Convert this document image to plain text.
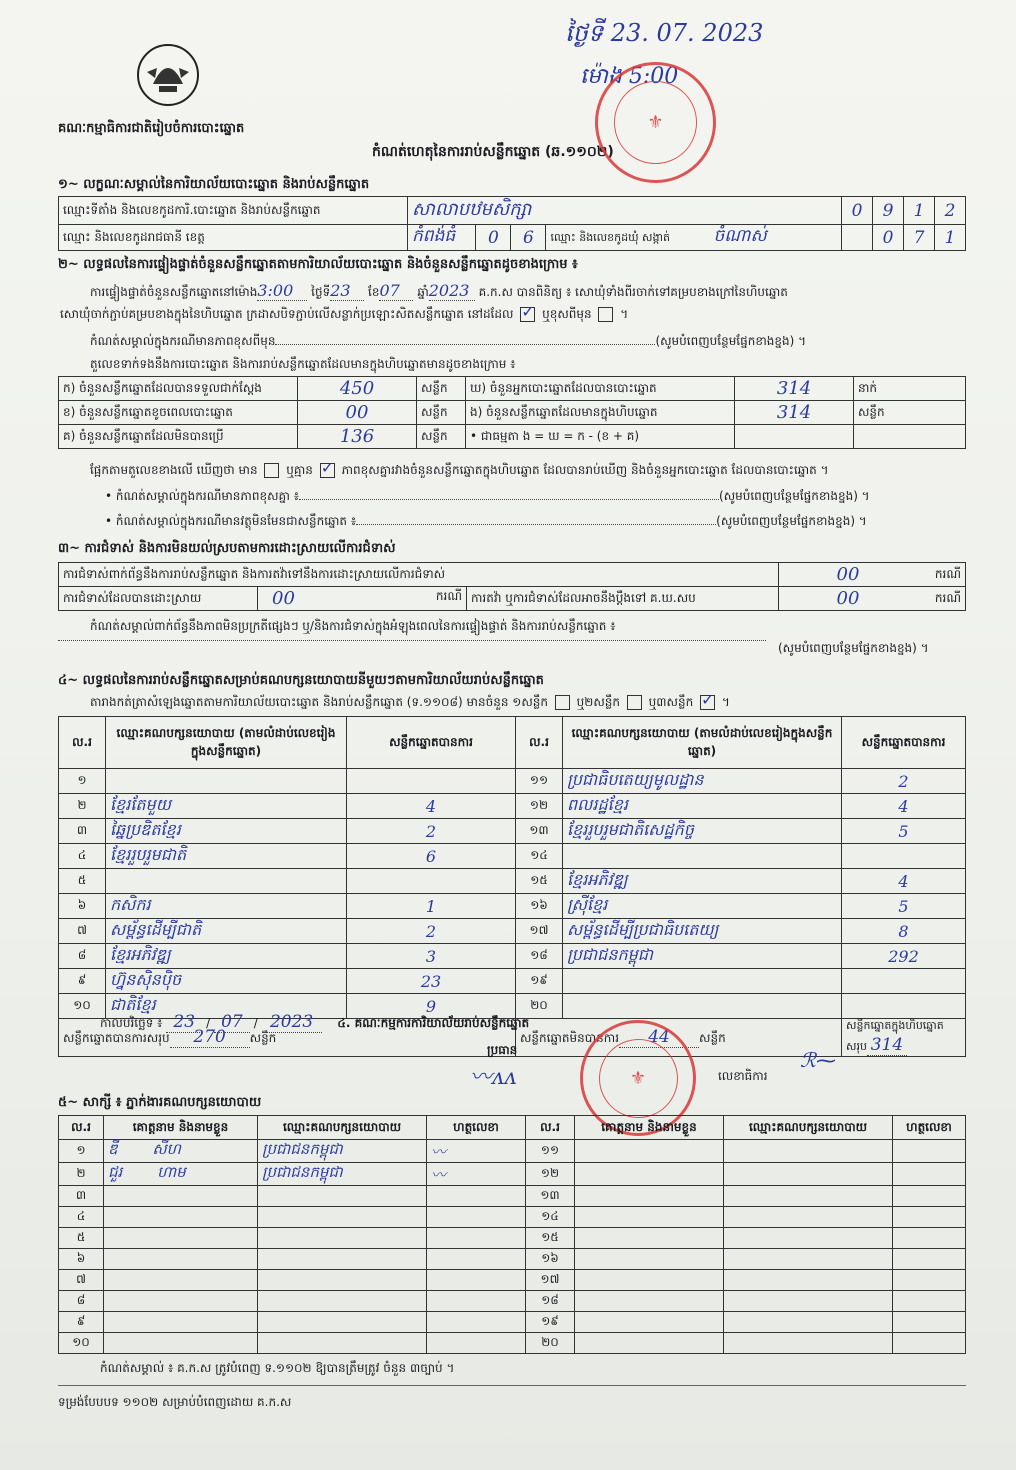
គណៈកម្មាធិការជាតិរៀបចំការបោះឆ្នោត
កំណត់ហេតុនៃការរាប់សន្លឹកឆ្នោត (ឆ.១១០២)
ថ្ងៃទី 23. 07. 2023
ម៉ោង 5:00
⚜
១~ លក្ខណៈសម្គាល់នៃការិយាល័យបោះឆ្នោត និងរាប់សន្លឹកឆ្នោត
ឈ្មោះទីតាំង និងលេខកូដការិ.បោះឆ្នោត និងរាប់សន្លឹកឆ្នោត	សាលាបឋមសិក្សា				0	9	1	2
ឈ្មោះ និងលេខកូដរាជធានី ខេត្ត	កំពង់ធំ	0	6	ឈ្មោះ និងលេខកូដឃុំ សង្កាត់ ចំណាស់		0	7	1
២~ លទ្ធផលនៃការផ្ទៀងផ្ទាត់ចំនួនសន្លឹកឆ្នោតតាមការិយាល័យបោះឆ្នោត និងចំនួនសន្លឹកឆ្នោតដូចខាងក្រោម ៖
ការផ្ទៀងផ្ទាត់ចំនួនសន្លឹកឆ្នោតនៅម៉ោង3:00 ថ្ងៃទី23 ខែ07 ឆ្នាំ2023 គ.ក.ស បានពិនិត្យ ៖ សោឃុំទាំងពីរចាក់ទៅគម្របខាងក្រៅនៃហិបឆ្នោត
សោឃុំចាក់ភ្ជាប់គម្របខាងក្នុងនៃហិបឆ្នោត ក្រដាសបិទភ្ជាប់លើសន្លាក់ប្រឡោះសិតសន្លឹកឆ្នោត នៅដដែល ✓ ឬខុសពីមុន  ។
កំណត់សម្គាល់ក្នុងករណីមានភាពខុសពីមុន	(សូមបំពេញបន្ថែមផ្នែកខាងខ្នង) ។
តួលេខទាក់ទងនឹងការបោះឆ្នោត និងការរាប់សន្លឹកឆ្នោតដែលមានក្នុងហិបឆ្នោតមានដូចខាងក្រោម ៖
ក) ចំនួនសន្លឹកឆ្នោតដែលបានទទួលជាក់ស្តែង	450	សន្លឹក	ឃ) ចំនួនអ្នកបោះឆ្នោតដែលបានបោះឆ្នោត	314	នាក់
ខ) ចំនួនសន្លឹកឆ្នោតខូចពេលបោះឆ្នោត	00	សន្លឹក	ង) ចំនួនសន្លឹកឆ្នោតដែលមានក្នុងហិបឆ្នោត	314	សន្លឹក
គ) ចំនួនសន្លឹកឆ្នោតដែលមិនបានប្រើ	136	សន្លឹក	• ជាធម្មតា ង = ឃ = ក - (ខ + គ)		
ផ្អែកតាមតួលេខខាងលើ ឃើញថា មាន ឬគ្មាន ✓ ភាពខុសគ្នារវាងចំនួនសន្លឹកឆ្នោតក្នុងហិបឆ្នោត ដែលបានរាប់ឃើញ និងចំនួនអ្នកបោះឆ្នោត ដែលបានបោះឆ្នោត ។
• កំណត់សម្គាល់ក្នុងករណីមានភាពខុសគ្នា ៖	(សូមបំពេញបន្ថែមផ្នែកខាងខ្នង) ។
• កំណត់សម្គាល់ក្នុងករណីមានវត្ថុមិនមែនជាសន្លឹកឆ្នោត ៖	(សូមបំពេញបន្ថែមផ្នែកខាងខ្នង) ។
៣~ ការជំទាស់ និងការមិនយល់ស្របតាមការដោះស្រាយលើការជំទាស់
ការជំទាស់ពាក់ព័ន្ធនឹងការរាប់សន្លឹកឆ្នោត និងការតវ៉ាទៅនឹងការដោះស្រាយលើការជំទាស់			00	ករណី
ការជំទាស់ដែលបានដោះស្រាយ	00 ករណី	ការតវ៉ា ឬការជំទាស់ដែលអាចនឹងប្តឹងទៅ គ.ឃ.សប	00	ករណី
កំណត់សម្គាល់ពាក់ព័ន្ធនឹងភាពមិនប្រក្រតីផ្សេងៗ ឬ/និងការជំទាស់ក្នុងអំឡុងពេលនៃការផ្ទៀងផ្ទាត់ និងការរាប់សន្លឹកឆ្នោត ៖
(សូមបំពេញបន្ថែមផ្នែកខាងខ្នង) ។
៤~ លទ្ធផលនៃការរាប់សន្លឹកឆ្នោតសម្រាប់គណបក្សនយោបាយនីមួយៗតាមការិយាល័យរាប់សន្លឹកឆ្នោត
តារាងកត់ត្រាសំឡេងឆ្នោតតាមការិយាល័យបោះឆ្នោត និងរាប់សន្លឹកឆ្នោត (ទ.១១០៨) មានចំនួន ១សន្លឹក ឬ២សន្លឹក ឬ៣សន្លឹក ✓ ។
ល.រ	ឈ្មោះគណបក្សនយោបាយ (តាមលំដាប់លេខរៀងក្នុងសន្លឹកឆ្នោត)	សន្លឹកឆ្នោតបានការ	ល.រ	ឈ្មោះគណបក្សនយោបាយ (តាមលំដាប់លេខរៀងក្នុងសន្លឹកឆ្នោត)	សន្លឹកឆ្នោតបានការ
១			១១	ប្រជាធិបតេយ្យមូលដ្ឋាន	2
២	ខ្មែរតែមួយ	4	១២	ពលរដ្ឋខ្មែរ	4
៣	ឆ្នៃប្រឌិតខ្មែរ	2	១៣	ខ្មែររួបរួមជាតិសេដ្ឋកិច្ច	5
៤	ខ្មែររួបរួមជាតិ	6	១៤		
៥			១៥	ខ្មែរអភិវឌ្ឍ	4
៦	កសិករ	1	១៦	ស្រ៊ីខ្មែរ	5
៧	សម្ព័ន្ធដើម្បីជាតិ	2	១៧	សម្ព័ន្ធដើម្បីប្រជាធិបតេយ្យ	8
៨	ខ្មែរអភិវឌ្ឍ	3	១៨	ប្រជាជនកម្ពុជា	292
៩	ហ្វ៊ុនស៊ិនប៉ិច	23	១៩		
១០	ជាតិខ្មែរ	9	២០		
សន្លឹកឆ្នោតបានការសរុប 270 សន្លឹក			សន្លឹកឆ្នោតមិនបានការ 44 សន្លឹក		សន្លឹកឆ្នោតក្នុងហិបឆ្នោតសរុប 314
កាលបរិច្ឆេទ ៖ 23 / 07 / 2023 ៤. គណៈកម្មការការិយាល័យរាប់សន្លឹកឆ្នោត
ប្រធាន
លេខាធិការ
〰ᴧᴧ
ℛ⁓
⚜
៥~ សាក្សី ៖ ភ្នាក់ងារគណបក្សនយោបាយ
ល.រ	គោត្តនាម និងនាមខ្លួន	ឈ្មោះគណបក្សនយោបាយ	ហត្ថលេខា	ល.រ	គោត្តនាម និងនាមខ្លួន	ឈ្មោះគណបក្សនយោបាយ	ហត្ថលេខា
១	ឌី សីហ	ប្រជាជនកម្ពុជា	〰	១១			
២	ជួរ ហាម	ប្រជាជនកម្ពុជា	〰	១២			
៣				១៣			
៤				១៤			
៥				១៥			
៦				១៦			
៧				១៧			
៨				១៨			
៩				១៩			
១០				២០			
កំណត់សម្គាល់ ៖ គ.ក.ស ត្រូវបំពេញ ទ.១១០២ ឱ្យបានត្រឹមត្រូវ ចំនួន ៣ច្បាប់ ។
ទម្រង់បែបបទ ១១០២ សម្រាប់បំពេញដោយ គ.ក.ស
